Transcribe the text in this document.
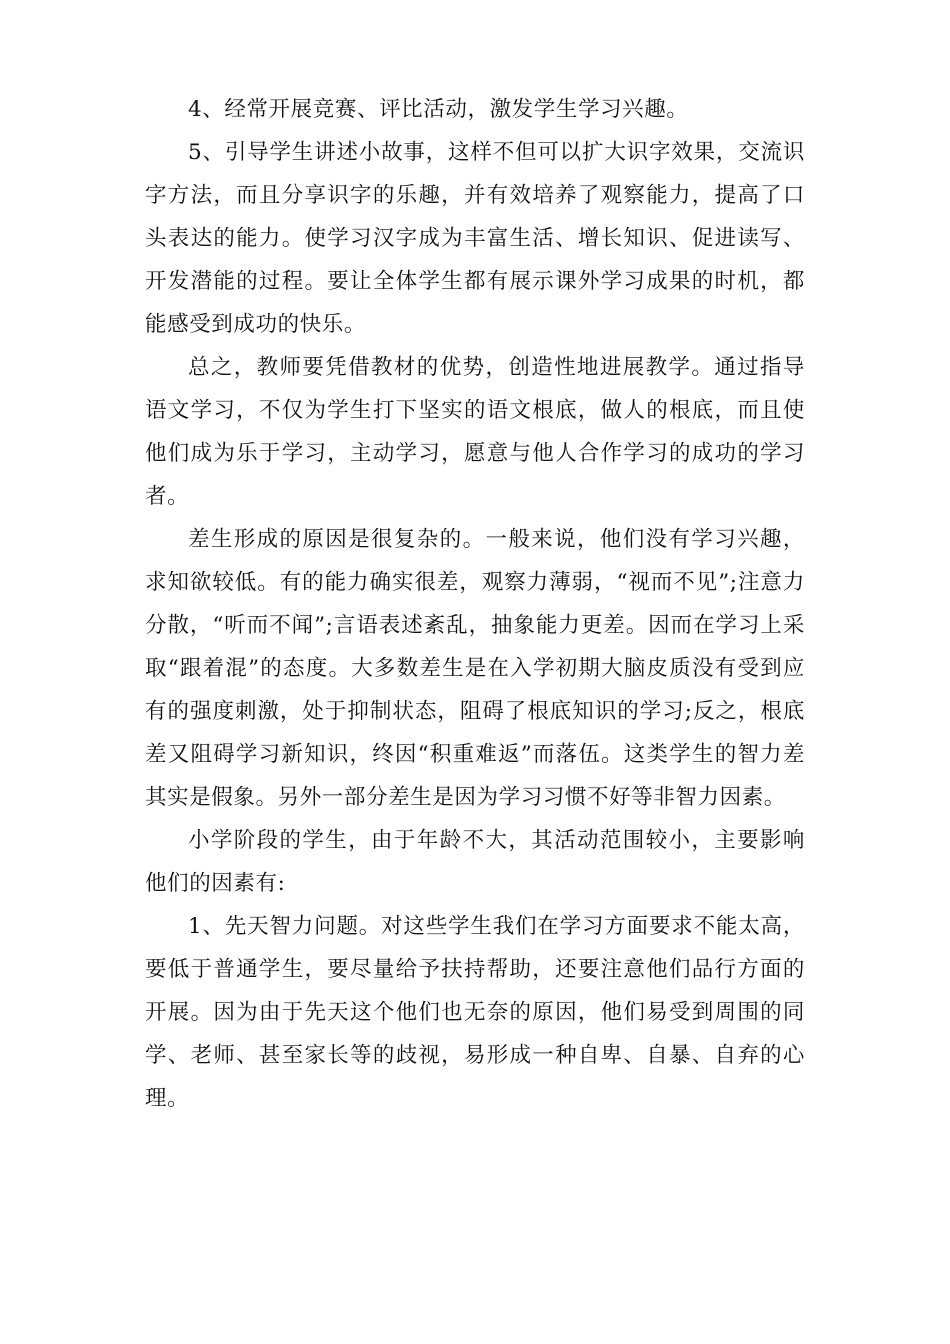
4、经常开展竞赛、评比活动，激发学生学习兴趣。

5、引导学生讲述小故事，这样不但可以扩大识字效果，交流识字方法，而且分享识字的乐趣，并有效培养了观察能力，提高了口头表达的能力。使学习汉字成为丰富生活、增长知识、促进读写、开发潜能的过程。要让全体学生都有展示课外学习成果的时机，都能感受到成功的快乐。

总之，教师要凭借教材的优势，创造性地进展教学。通过指导语文学习，不仅为学生打下坚实的语文根底，做人的根底，而且使他们成为乐于学习，主动学习，愿意与他人合作学习的成功的学习者。

差生形成的原因是很复杂的。一般来说，他们没有学习兴趣，求知欲较低。有的能力确实很差，观察力薄弱，“视而不见”;注意力分散，“听而不闻”;言语表述紊乱，抽象能力更差。因而在学习上采取“跟着混”的态度。大多数差生是在入学初期大脑皮质没有受到应有的强度刺激，处于抑制状态，阻碍了根底知识的学习;反之，根底差又阻碍学习新知识，终因“积重难返”而落伍。这类学生的智力差其实是假象。另外一部分差生是因为学习习惯不好等非智力因素。

小学阶段的学生，由于年龄不大，其活动范围较小，主要影响他们的因素有:

1、先天智力问题。对这些学生我们在学习方面要求不能太高，要低于普通学生，要尽量给予扶持帮助，还要注意他们品行方面的开展。因为由于先天这个他们也无奈的原因，他们易受到周围的同学、老师、甚至家长等的歧视，易形成一种自卑、自暴、自弃的心理。
